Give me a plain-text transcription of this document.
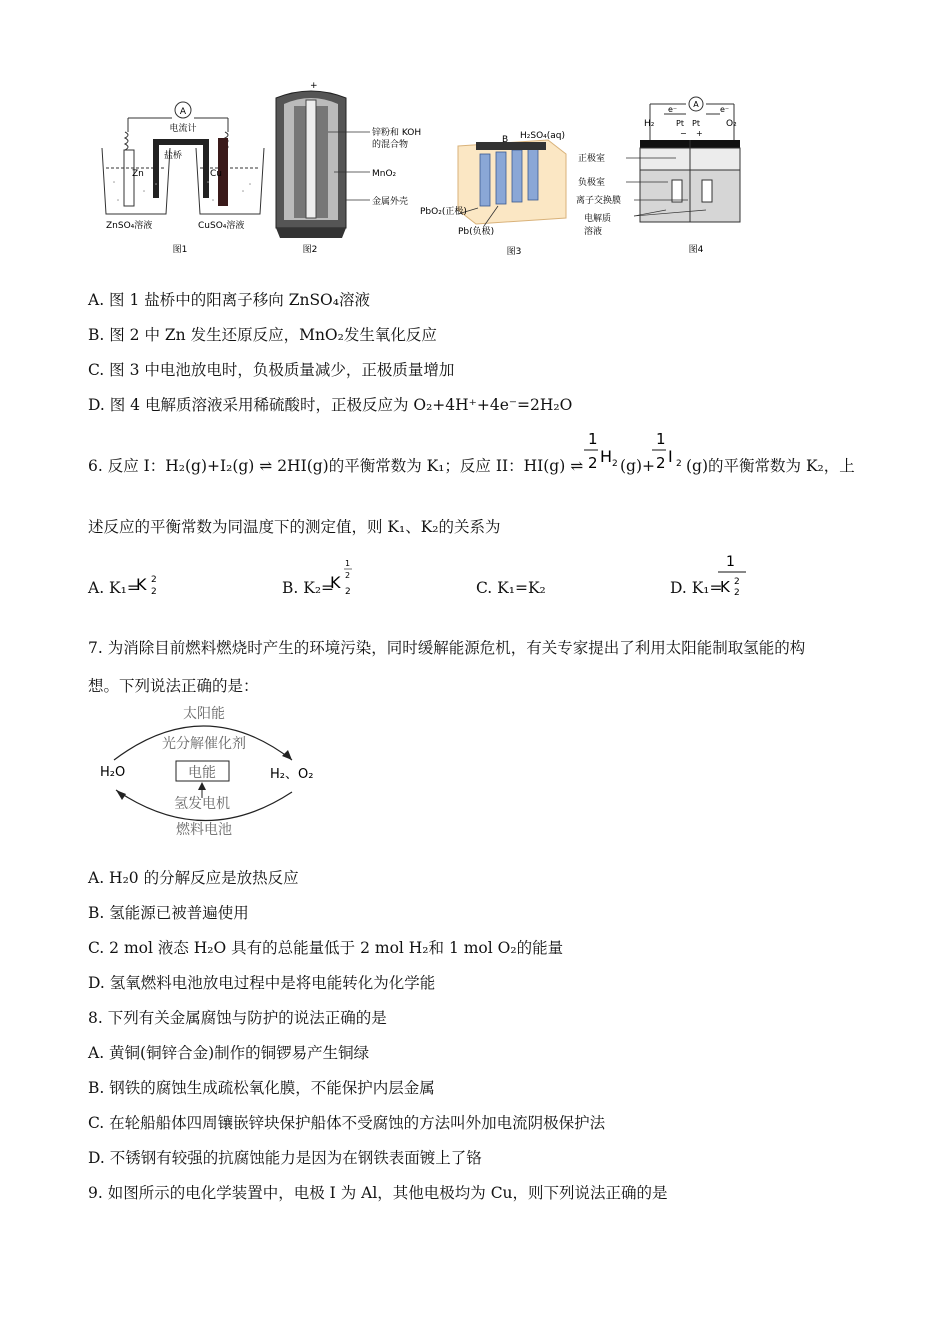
A
电流计
盐桥
Zn	Cu
ZnSO₄溶液	CuSO₄溶液
图1
+
锌粉和 KOH
的混合物
MnO₂
金属外壳
图2
B H₂SO₄(aq)
PbO₂(正极)
Pb(负极)
图3
A
e⁻	e⁻
H₂	O₂
Pt Pt
− +
正极室
负极室
离子交换膜
电解质
溶液
图4
A. 图 1 盐桥中的阳离子移向 ZnSO₄溶液
B. 图 2 中 Zn 发生还原反应，MnO₂发生氧化反应
C. 图 3 中电池放电时，负极质量减少，正极质量增加
D. 图 4 电解质溶液采用稀硫酸时，正极反应为 O₂+4H⁺+4e⁻=2H₂O
6. 反应 I：H₂(g)+I₂(g) ⇌ 2HI(g)的平衡常数为 K₁；反应 II：HI(g) ⇌
1
2 H 2 (g)+
1
2 I 2 (g)的平衡常数为 K₂，上
述反应的平衡常数为同温度下的测定值，则 K₁、K₂的关系为
A. K₁=
K 2
2	B. K₂=
1
2
K 2	C. K₁=K₂	D. K₁=
1
K 2
2
7. 为消除目前燃料燃烧时产生的环境污染，同时缓解能源危机，有关专家提出了利用太阳能制取氢能的构
想。下列说法正确的是：
太阳能
光分解催化剂
H₂O	电能	H₂、O₂
氢发电机
燃料电池
A. H₂0 的分解反应是放热反应
B. 氢能源已被普遍使用
C. 2 mol 液态 H₂O 具有的总能量低于 2 mol H₂和 1 mol O₂的能量
D. 氢氧燃料电池放电过程中是将电能转化为化学能
8. 下列有关金属腐蚀与防护的说法正确的是
A. 黄铜(铜锌合金)制作的铜锣易产生铜绿
B. 钢铁的腐蚀生成疏松氧化膜，不能保护内层金属
C. 在轮船船体四周镶嵌锌块保护船体不受腐蚀的方法叫外加电流阴极保护法
D. 不锈钢有较强的抗腐蚀能力是因为在钢铁表面镀上了铬
9. 如图所示的电化学装置中，电极 I 为 Al，其他电极均为 Cu，则下列说法正确的是
